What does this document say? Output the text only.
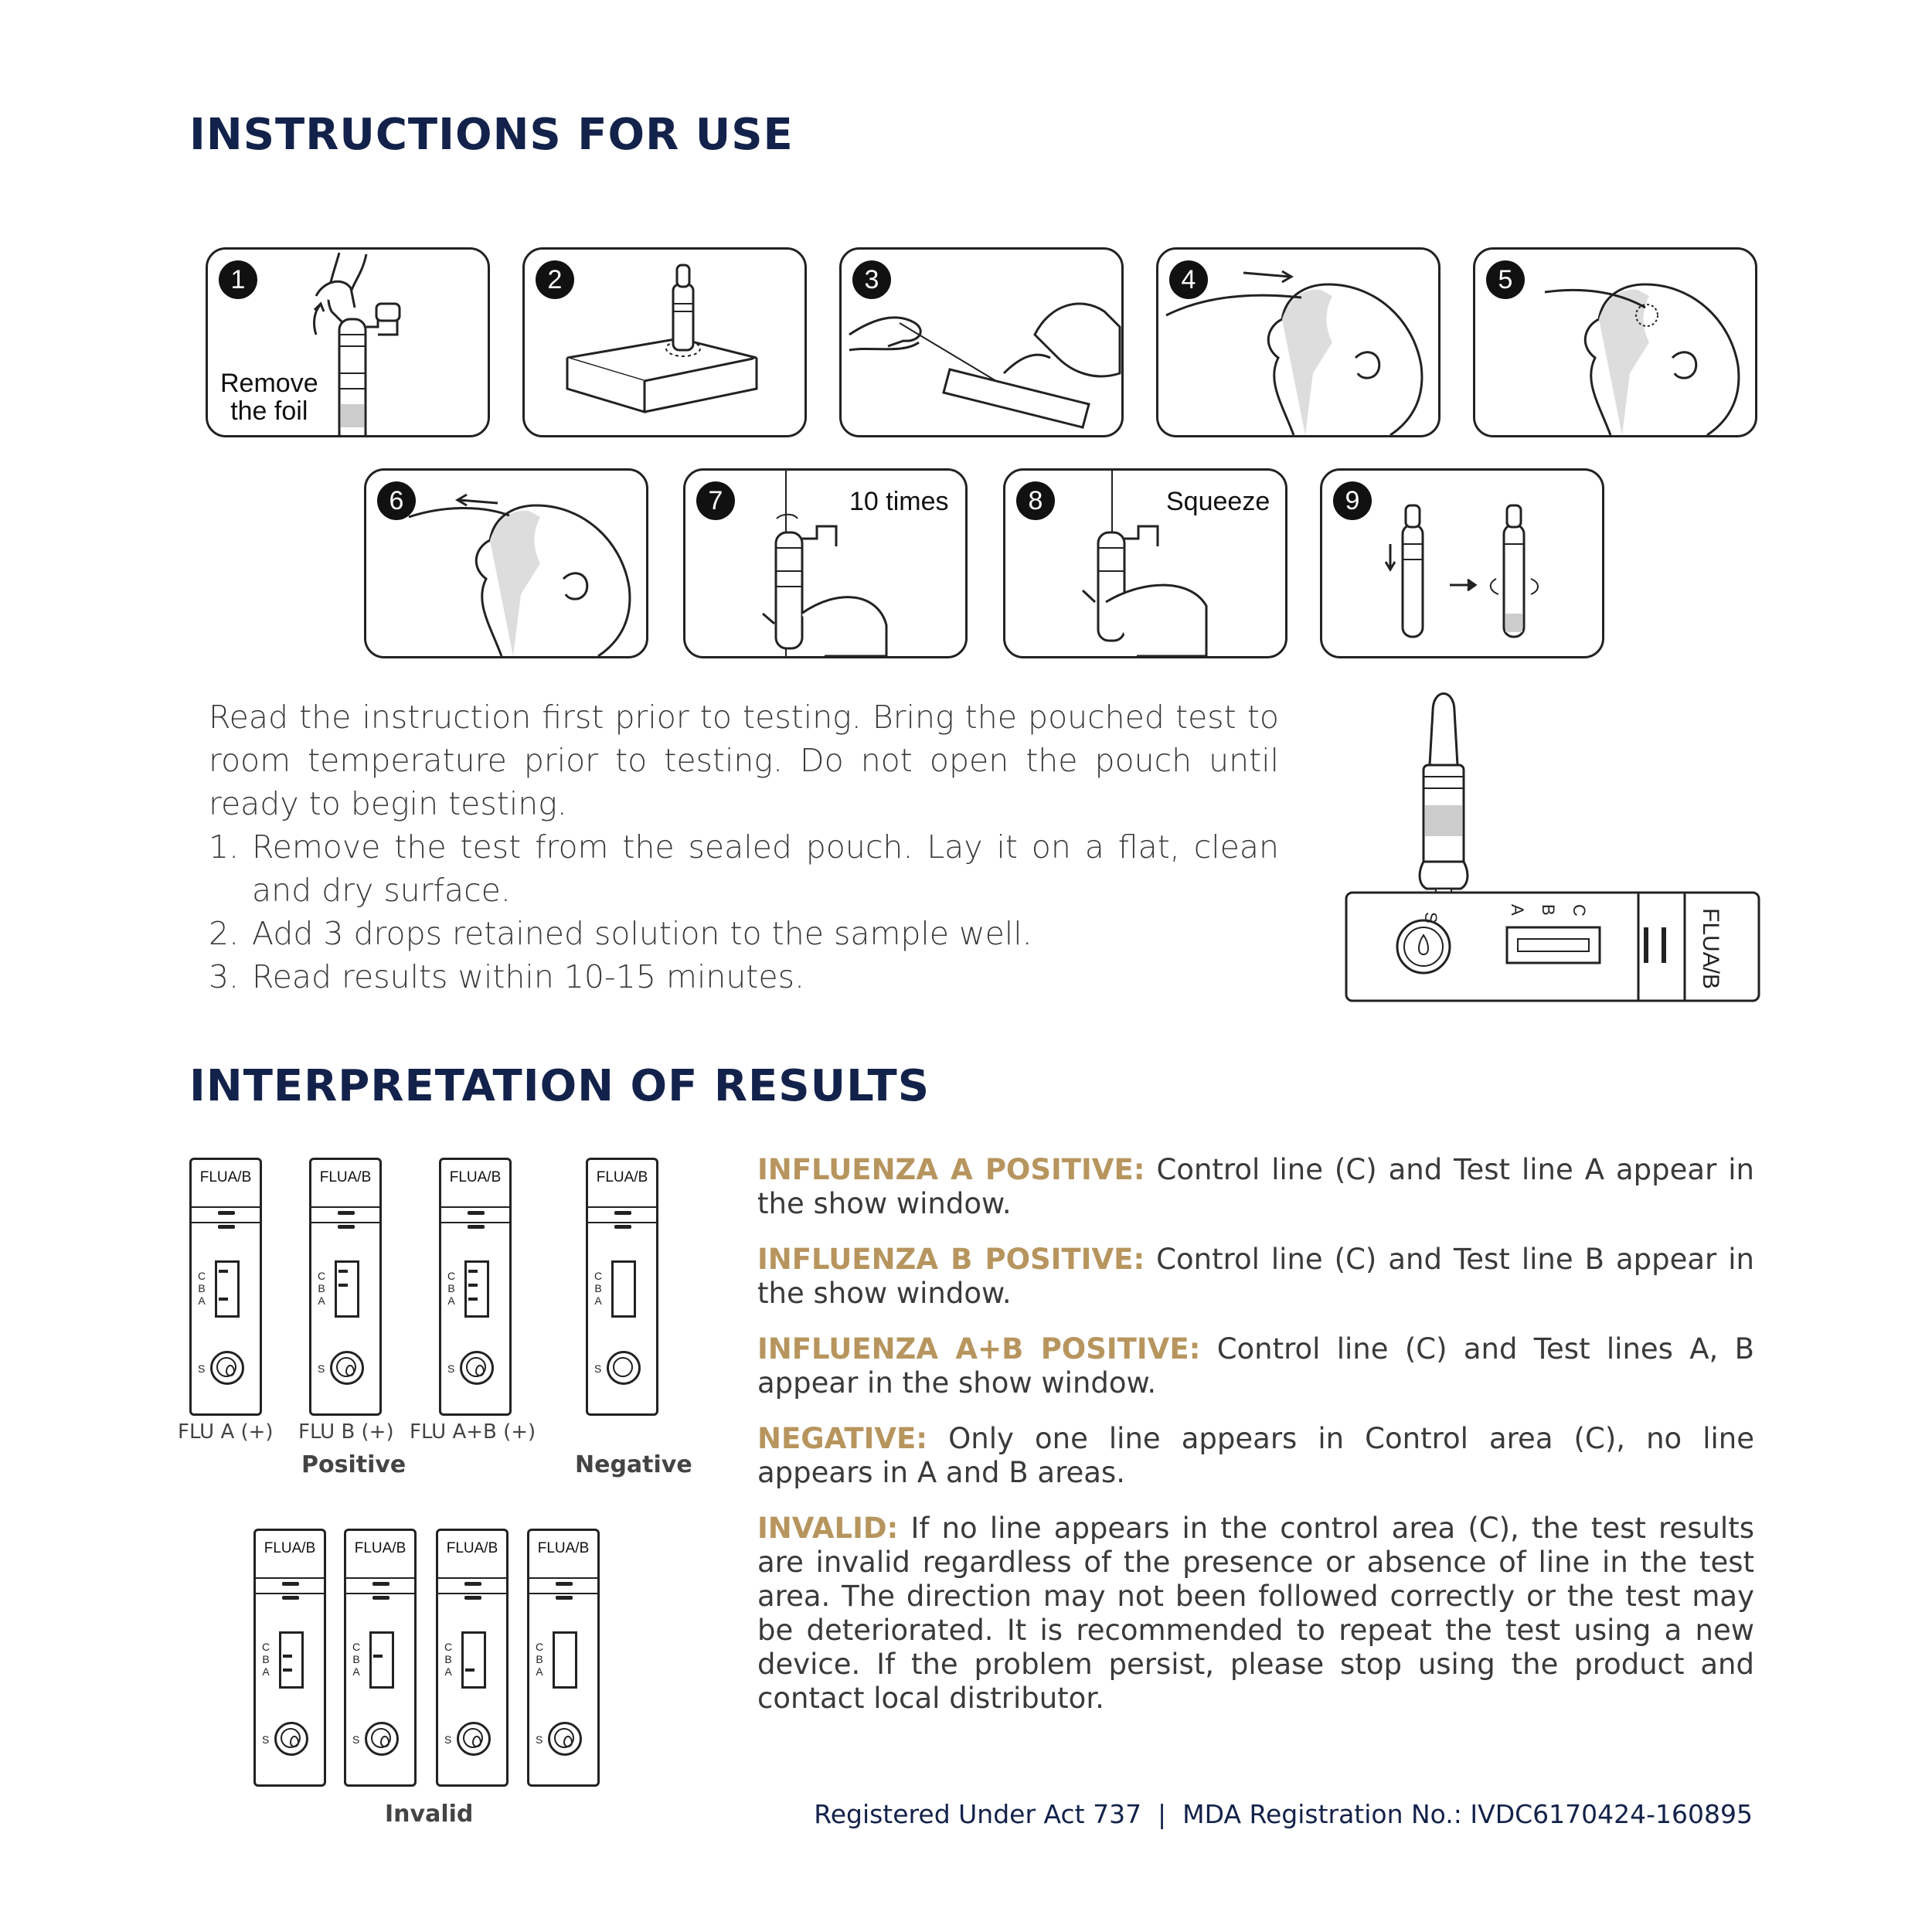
INSTRUCTIONS FOR USE
1
Remove
the foil
2	3	4	5
6	7	10 times	8	Squeeze	9

Read the instruction first prior to testing. Bring the pouched test to room temperature prior to testing. Do not open the pouch until ready to begin testing.

1. Remove the test from the sealed pouch. Lay it on a flat, clean and dry surface.
2. Add 3 drops retained solution to the sample well.
3. Read results within 10-15 minutes.
S
A B C	FLUA/B
INTERPRETATION OF RESULTS
FLUA/B
C
B
A
S
FLUA/B
C
B
A
S
FLUA/B
C
B
A
S
FLUA/B
C
B
A
S
FLU A (+) FLU B (+) FLU A+B (+)
Positive	Negative
FLUA/B
C
B
A
S
FLUA/B
C
B
A
S
FLUA/B
C
B
A
S
FLUA/B
C
B
A
S
Invalid

INFLUENZA A POSITIVE: Control line (C) and Test line A appear in the show window.

INFLUENZA B POSITIVE: Control line (C) and Test line B appear in the show window.

INFLUENZA A+B POSITIVE: Control line (C) and Test lines A, B appear in the show window.

NEGATIVE: Only one line appears in Control area (C), no line appears in A and B areas.

INVALID: If no line appears in the control area (C), the test results are invalid regardless of the presence or absence of line in the test area. The direction may not been followed correctly or the test may be deteriorated. It is recommended to repeat the test using a new device. If the problem persist, please stop using the product and contact local distributor.

Registered Under Act 737  |  MDA Registration No.: IVDC6170424-160895
